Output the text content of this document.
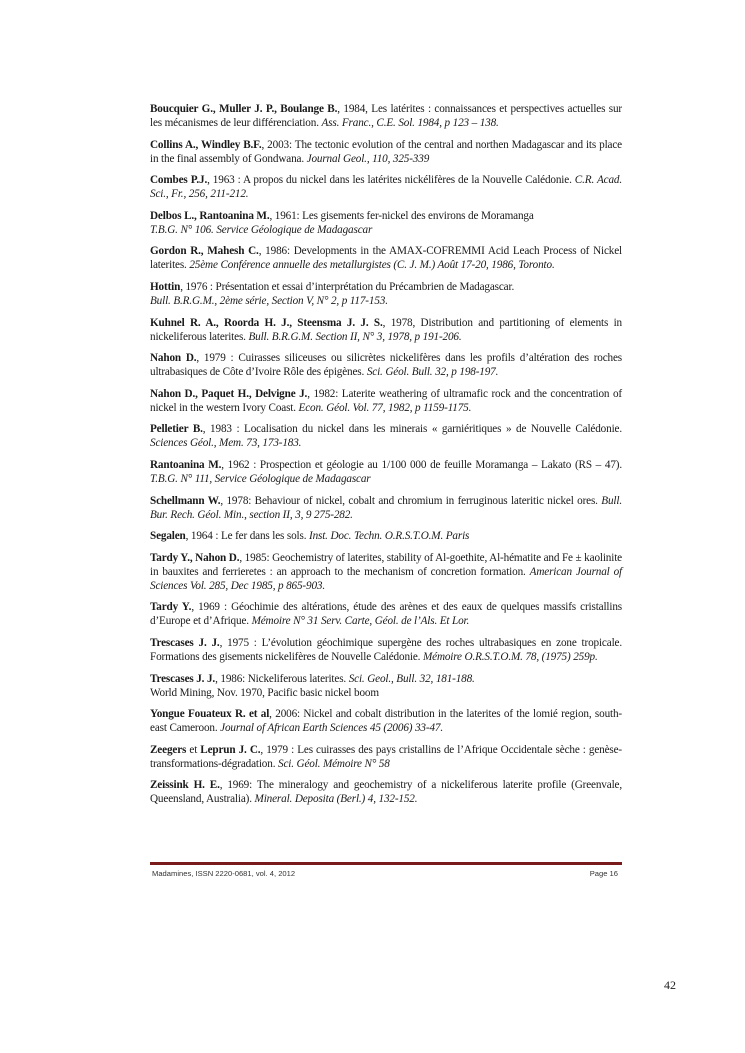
Boucquier G., Muller J. P., Boulange B., 1984, Les latérites : connaissances et perspectives actuelles sur les mécanismes de leur différenciation. Ass. Franc., C.E. Sol. 1984, p 123 – 138.

Collins A., Windley B.F., 2003: The tectonic evolution of the central and northen Madagascar and its place in the final assembly of Gondwana. Journal Geol., 110, 325-339

Combes P.J., 1963 : A propos du nickel dans les latérites nickélifères de la Nouvelle Calédonie. C.R. Acad. Sci., Fr., 256, 211-212.

Delbos L., Rantoanina M., 1961: Les gisements fer-nickel des environs de Moramanga
T.B.G. N° 106. Service Géologique de Madagascar

Gordon R., Mahesh C., 1986: Developments in the AMAX-COFREMMI Acid Leach Process of Nickel laterites. 25ème Conférence annuelle des metallurgistes (C. J. M.) Août 17-20, 1986, Toronto.

Hottin, 1976 : Présentation et essai d’interprétation du Précambrien de Madagascar.
Bull. B.R.G.M., 2ème série, Section V, N° 2, p 117-153.

Kuhnel R. A., Roorda H. J., Steensma J. J. S., 1978, Distribution and partitioning of elements in nickeliferous laterites. Bull. B.R.G.M. Section II, N° 3, 1978, p 191-206.

Nahon D., 1979 : Cuirasses siliceuses ou silicrètes nickelifères dans les profils d’altération des roches ultrabasiques de Côte d’Ivoire Rôle des épigènes. Sci. Géol. Bull. 32, p 198-197.

Nahon D., Paquet H., Delvigne J., 1982: Laterite weathering of ultramafic rock and the concentration of nickel in the western Ivory Coast. Econ. Géol. Vol. 77, 1982, p 1159-1175.

Pelletier B., 1983 : Localisation du nickel dans les minerais « garniéritiques » de Nouvelle Calédonie. Sciences Géol., Mem. 73, 173-183.

Rantoanina M., 1962 : Prospection et géologie au 1/100 000 de feuille Moramanga – Lakato (RS – 47). T.B.G. N° 111, Service Géologique de Madagascar

Schellmann W., 1978: Behaviour of nickel, cobalt and chromium in ferruginous lateritic nickel ores. Bull. Bur. Rech. Géol. Min., section II, 3, 9 275-282.

Segalen, 1964 : Le fer dans les sols. Inst. Doc. Techn. O.R.S.T.O.M. Paris

Tardy Y., Nahon D., 1985: Geochemistry of laterites, stability of Al-goethite, Al-hématite and Fe ± kaolinite in bauxites and ferrieretes : an approach to the mechanism of concretion formation. American Journal of Sciences Vol. 285, Dec 1985, p 865-903.

Tardy Y., 1969 : Géochimie des altérations, étude des arènes et des eaux de quelques massifs cristallins d’Europe et d’Afrique. Mémoire N° 31 Serv. Carte, Géol. de l’Als. Et Lor.

Trescases J. J., 1975 : L’évolution géochimique supergène des roches ultrabasiques en zone tropicale. Formations des gisements nickelifères de Nouvelle Calédonie. Mémoire O.R.S.T.O.M. 78, (1975) 259p.

Trescases J. J., 1986: Nickeliferous laterites. Sci. Geol., Bull. 32, 181-188.
World Mining, Nov. 1970, Pacific basic nickel boom

Yongue Fouateux R. et al, 2006: Nickel and cobalt distribution in the laterites of the lomié region, south-east Cameroon. Journal of African Earth Sciences 45 (2006) 33-47.

Zeegers et Leprun J. C., 1979 : Les cuirasses des pays cristallins de l’Afrique Occidentale sèche : genèse-transformations-dégradation. Sci. Géol. Mémoire N° 58

Zeissink H. E., 1969: The mineralogy and geochemistry of a nickeliferous laterite profile (Greenvale, Queensland, Australia). Mineral. Deposita (Berl.) 4, 132-152.

Madamines, ISSN 2220-0681, vol. 4, 2012	Page 16
42
